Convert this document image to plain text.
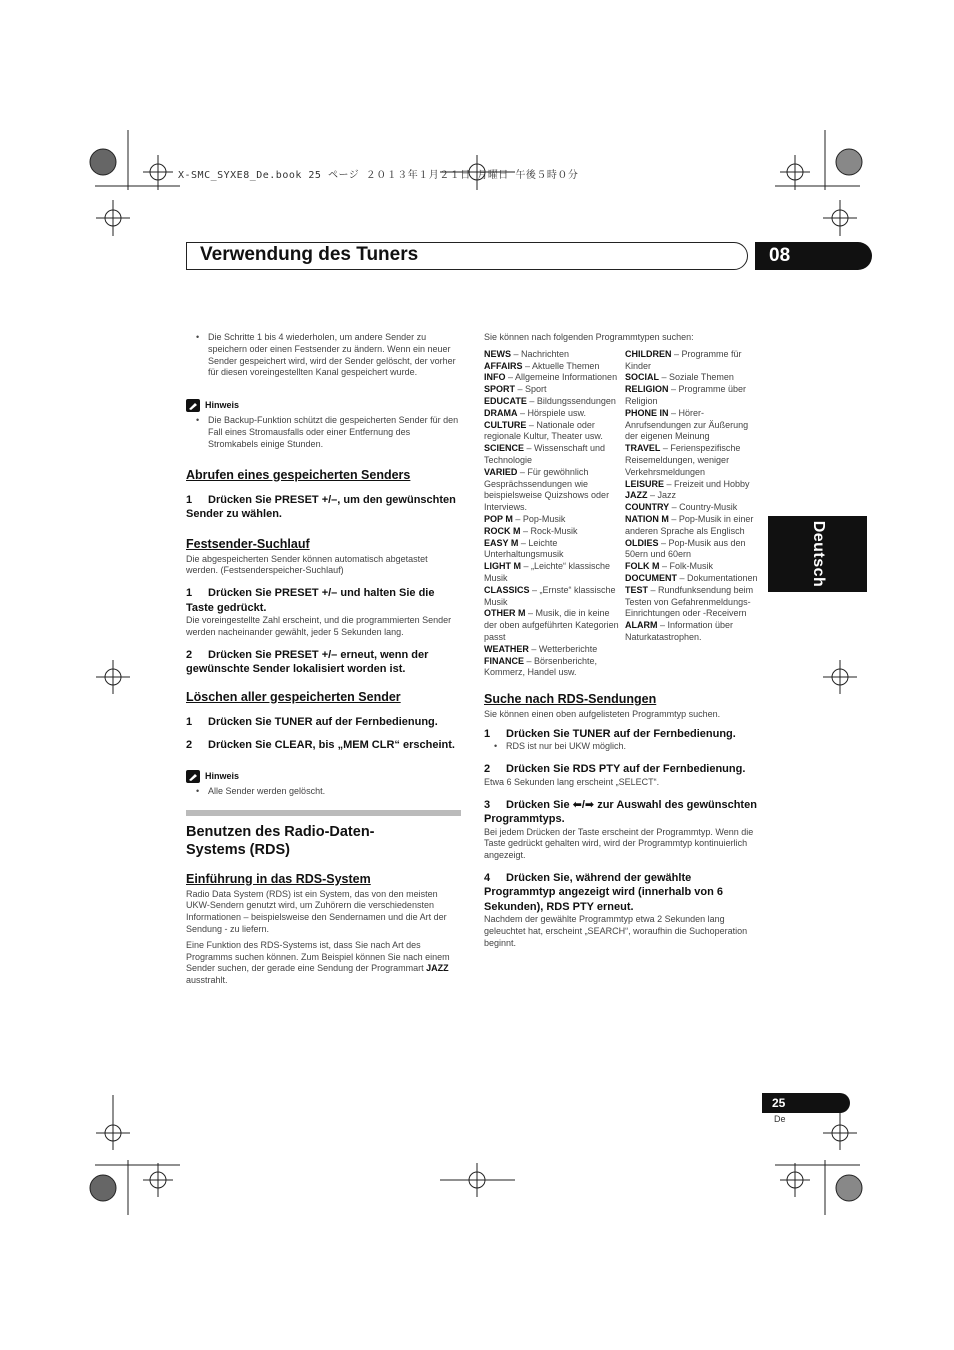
X-SMC_SYXE8_De.book 25 ページ ２０１３年１月２１日 月曜日 午後５時０分
Verwendung des Tuners	08
Deutsch

• Die Schritte 1 bis 4 wiederholen, um andere Sender zu speichern oder einen Festsender zu ändern. Wenn ein neuer Sender gespeichert wird, wird der Sender gelöscht, der vorher für diesen voreingestellten Kanal gespeichert wurde.

Hinweis

• Die Backup-Funktion schützt die gespeicherten Sender für den Fall eines Stromausfalls oder einer Entfernung des Stromkabels einige Stunden.

Abrufen eines gespeicherten Senders
1 Drücken Sie PRESET +/–, um den gewünschten Sender zu wählen.
Festsender-Suchlauf

Die abgespeicherten Sender können automatisch abgetastet werden. (Festsenderspeicher-Suchlauf)

1 Drücken Sie PRESET +/– und halten Sie die Taste gedrückt.

Die voreingestellte Zahl erscheint, und die programmierten Sender werden nacheinander gewählt, jeder 5 Sekunden lang.

2 Drücken Sie PRESET +/– erneut, wenn der gewünschte Sender lokalisiert worden ist.
Löschen aller gespeicherten Sender
1 Drücken Sie TUNER auf der Fernbedienung.
2 Drücken Sie CLEAR, bis „MEM CLR“ erscheint.
Hinweis

• Alle Sender werden gelöscht.

Benutzen des Radio-Daten-Systems (RDS)
Einführung in das RDS-System

Radio Data System (RDS) ist ein System, das von den meisten UKW-Sendern genutzt wird, um Zuhörern die verschiedensten Informationen – beispielsweise den Sendernamen und die Art der Sendung - zu liefern.

Eine Funktion des RDS-Systems ist, dass Sie nach Art des Programms suchen können. Zum Beispiel können Sie nach einem Sender suchen, der gerade eine Sendung der Programmart JAZZ ausstrahlt.

Sie können nach folgenden Programmtypen suchen:

NEWS – Nachrichten

AFFAIRS – Aktuelle Themen

INFO – Allgemeine Informationen

SPORT – Sport

EDUCATE – Bildungssendungen

DRAMA – Hörspiele usw.

CULTURE – Nationale oder regionale Kultur, Theater usw.

SCIENCE – Wissenschaft und Technologie

VARIED – Für gewöhnlich Gesprächssendungen wie beispielsweise Quizshows oder Interviews.

POP M – Pop-Musik

ROCK M – Rock-Musik

EASY M – Leichte Unterhaltungsmusik

LIGHT M – „Leichte“ klassische Musik

CLASSICS – „Ernste“ klassische Musik

OTHER M – Musik, die in keine der oben aufgeführten Kategorien passt

WEATHER – Wetterberichte

FINANCE – Börsenberichte, Kommerz, Handel usw.

CHILDREN – Programme für Kinder

SOCIAL – Soziale Themen

RELIGION – Programme über Religion

PHONE IN – Hörer-Anrufsendungen zur Äußerung der eigenen Meinung

TRAVEL – Ferienspezifische Reisemeldungen, weniger Verkehrsmeldungen

LEISURE – Freizeit und Hobby

JAZZ – Jazz

COUNTRY – Country-Musik

NATION M – Pop-Musik in einer anderen Sprache als Englisch

OLDIES – Pop-Musik aus den 50ern und 60ern

FOLK M – Folk-Musik

DOCUMENT – Dokumentationen

TEST – Rundfunksendung beim Testen von Gefahrenmeldungs-Einrichtungen oder -Receivern

ALARM – Information über Naturkatastrophen.

Suche nach RDS-Sendungen

Sie können einen oben aufgelisteten Programmtyp suchen.

1 Drücken Sie TUNER auf der Fernbedienung.

• RDS ist nur bei UKW möglich.

2 Drücken Sie RDS PTY auf der Fernbedienung.

Etwa 6 Sekunden lang erscheint „SELECT“.

3 Drücken Sie ⬅/➡ zur Auswahl des gewünschten Programmtyps.

Bei jedem Drücken der Taste erscheint der Programmtyp. Wenn die Taste gedrückt gehalten wird, wird der Programmtyp kontinuierlich angezeigt.

4 Drücken Sie, während der gewählte Programmtyp angezeigt wird (innerhalb von 6 Sekunden), RDS PTY erneut.

Nachdem der gewählte Programmtyp etwa 2 Sekunden lang geleuchtet hat, erscheint „SEARCH“, woraufhin die Suchoperation beginnt.

25
De
